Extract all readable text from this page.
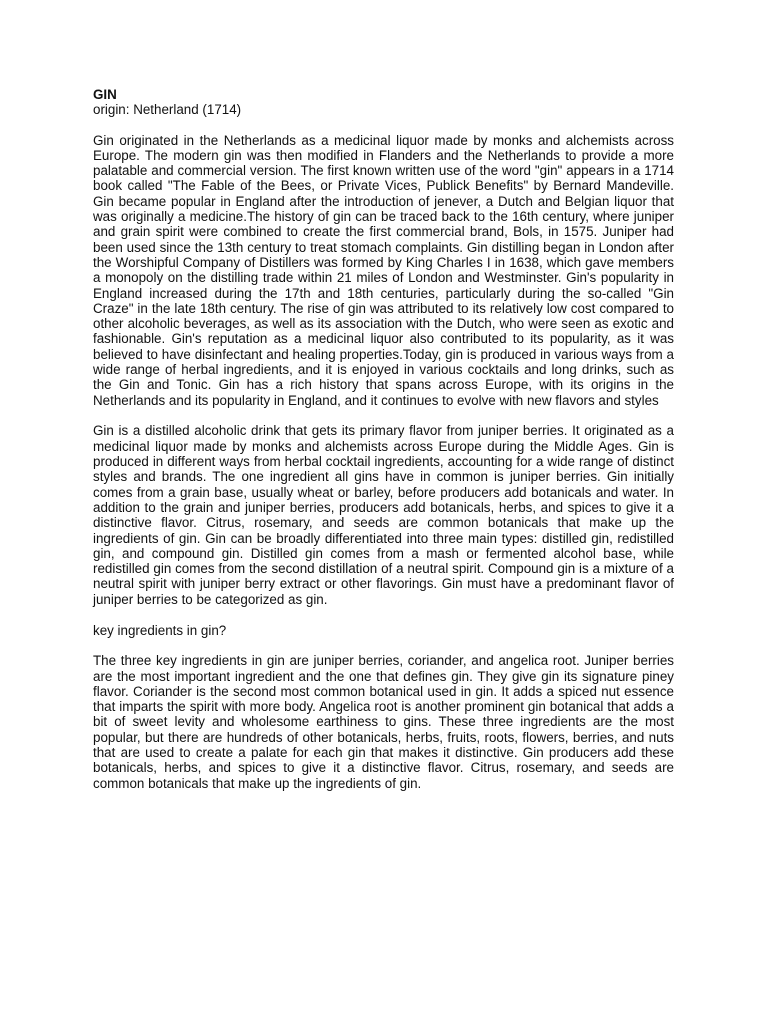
GIN

origin: Netherland (1714)

Gin originated in the Netherlands as a medicinal liquor made by monks and alchemists across Europe. The modern gin was then modified in Flanders and the Netherlands to provide a more palatable and commercial version. The first known written use of the word "gin" appears in a 1714 book called "The Fable of the Bees, or Private Vices, Publick Benefits" by Bernard Mandeville. Gin became popular in England after the introduction of jenever, a Dutch and Belgian liquor that was originally a medicine.The history of gin can be traced back to the 16th century, where juniper and grain spirit were combined to create the first commercial brand, Bols, in 1575. Juniper had been used since the 13th century to treat stomach complaints. Gin distilling began in London after the Worshipful Company of Distillers was formed by King Charles I in 1638, which gave members a monopoly on the distilling trade within 21 miles of London and Westminster. Gin's popularity in England increased during the 17th and 18th centuries, particularly during the so-called "Gin Craze" in the late 18th century. The rise of gin was attributed to its relatively low cost compared to other alcoholic beverages, as well as its association with the Dutch, who were seen as exotic and fashionable. Gin's reputation as a medicinal liquor also contributed to its popularity, as it was believed to have disinfectant and healing properties.Today, gin is produced in various ways from a wide range of herbal ingredients, and it is enjoyed in various cocktails and long drinks, such as the Gin and Tonic. Gin has a rich history that spans across Europe, with its origins in the Netherlands and its popularity in England, and it continues to evolve with new flavors and styles

Gin is a distilled alcoholic drink that gets its primary flavor from juniper berries. It originated as a medicinal liquor made by monks and alchemists across Europe during the Middle Ages. Gin is produced in different ways from herbal cocktail ingredients, accounting for a wide range of distinct styles and brands. The one ingredient all gins have in common is juniper berries. Gin initially comes from a grain base, usually wheat or barley, before producers add botanicals and water. In addition to the grain and juniper berries, producers add botanicals, herbs, and spices to give it a distinctive flavor. Citrus, rosemary, and seeds are common botanicals that make up the ingredients of gin. Gin can be broadly differentiated into three main types: distilled gin, redistilled gin, and compound gin. Distilled gin comes from a mash or fermented alcohol base, while redistilled gin comes from the second distillation of a neutral spirit. Compound gin is a mixture of a neutral spirit with juniper berry extract or other flavorings. Gin must have a predominant flavor of juniper berries to be categorized as gin.

key ingredients in gin?

The three key ingredients in gin are juniper berries, coriander, and angelica root. Juniper berries are the most important ingredient and the one that defines gin. They give gin its signature piney flavor. Coriander is the second most common botanical used in gin. It adds a spiced nut essence that imparts the spirit with more body. Angelica root is another prominent gin botanical that adds a bit of sweet levity and wholesome earthiness to gins. These three ingredients are the most popular, but there are hundreds of other botanicals, herbs, fruits, roots, flowers, berries, and nuts that are used to create a palate for each gin that makes it distinctive. Gin producers add these botanicals, herbs, and spices to give it a distinctive flavor. Citrus, rosemary, and seeds are common botanicals that make up the ingredients of gin.
